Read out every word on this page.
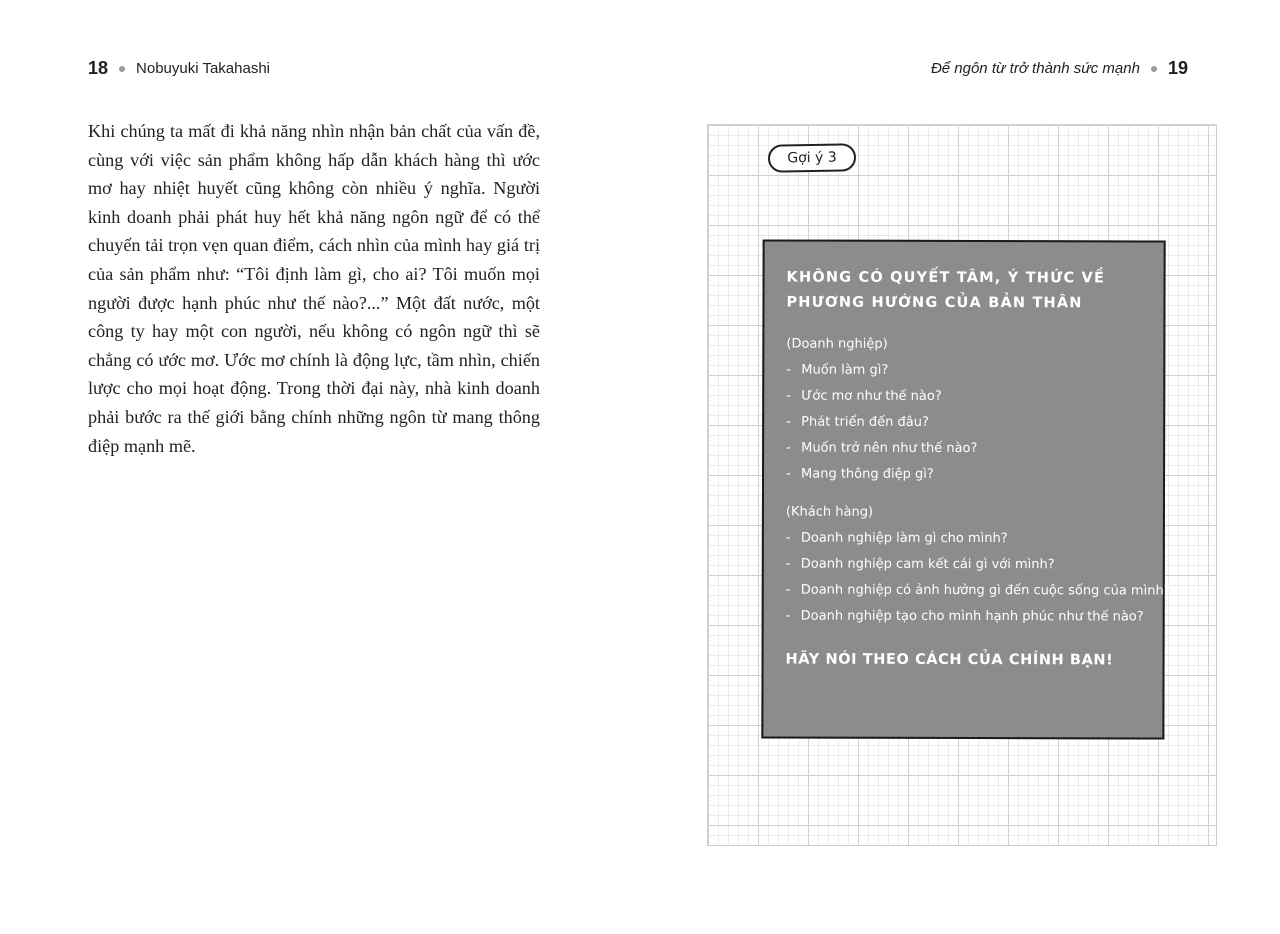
18 Nobuyuki Takahashi	Để ngôn từ trở thành sức mạnh 19

Khi chúng ta mất đi khả năng nhìn nhận bản chất của vấn đề, cùng với việc sản phẩm không hấp dẫn khách hàng thì ước mơ hay nhiệt huyết cũng không còn nhiều ý nghĩa. Người kinh doanh phải phát huy hết khả năng ngôn ngữ để có thể chuyển tải trọn vẹn quan điểm, cách nhìn của mình hay giá trị của sản phẩm như: “Tôi định làm gì, cho ai? Tôi muốn mọi người được hạnh phúc như thế nào?...” Một đất nước, một công ty hay một con người, nếu không có ngôn ngữ thì sẽ chẳng có ước mơ. Ước mơ chính là động lực, tầm nhìn, chiến lược cho mọi hoạt động. Trong thời đại này, nhà kinh doanh phải bước ra thế giới bằng chính những ngôn từ mang thông điệp mạnh mẽ.

Gợi ý 3
KHÔNG CÓ QUYẾT TÂM, Ý THỨC VỀ PHƯƠNG HƯỚNG CỦA BẢN THÂN
(Doanh nghiệp)
- Muốn làm gì?
- Ước mơ như thế nào?
- Phát triển đến đâu?
- Muốn trở nên như thế nào?
- Mang thông điệp gì?
(Khách hàng)
- Doanh nghiệp làm gì cho mình?
- Doanh nghiệp cam kết cái gì với mình?
- Doanh nghiệp có ảnh hưởng gì đến cuộc sống của mình?
- Doanh nghiệp tạo cho mình hạnh phúc như thế nào?
HÃY NÓI THEO CÁCH CỦA CHÍNH BẠN!
